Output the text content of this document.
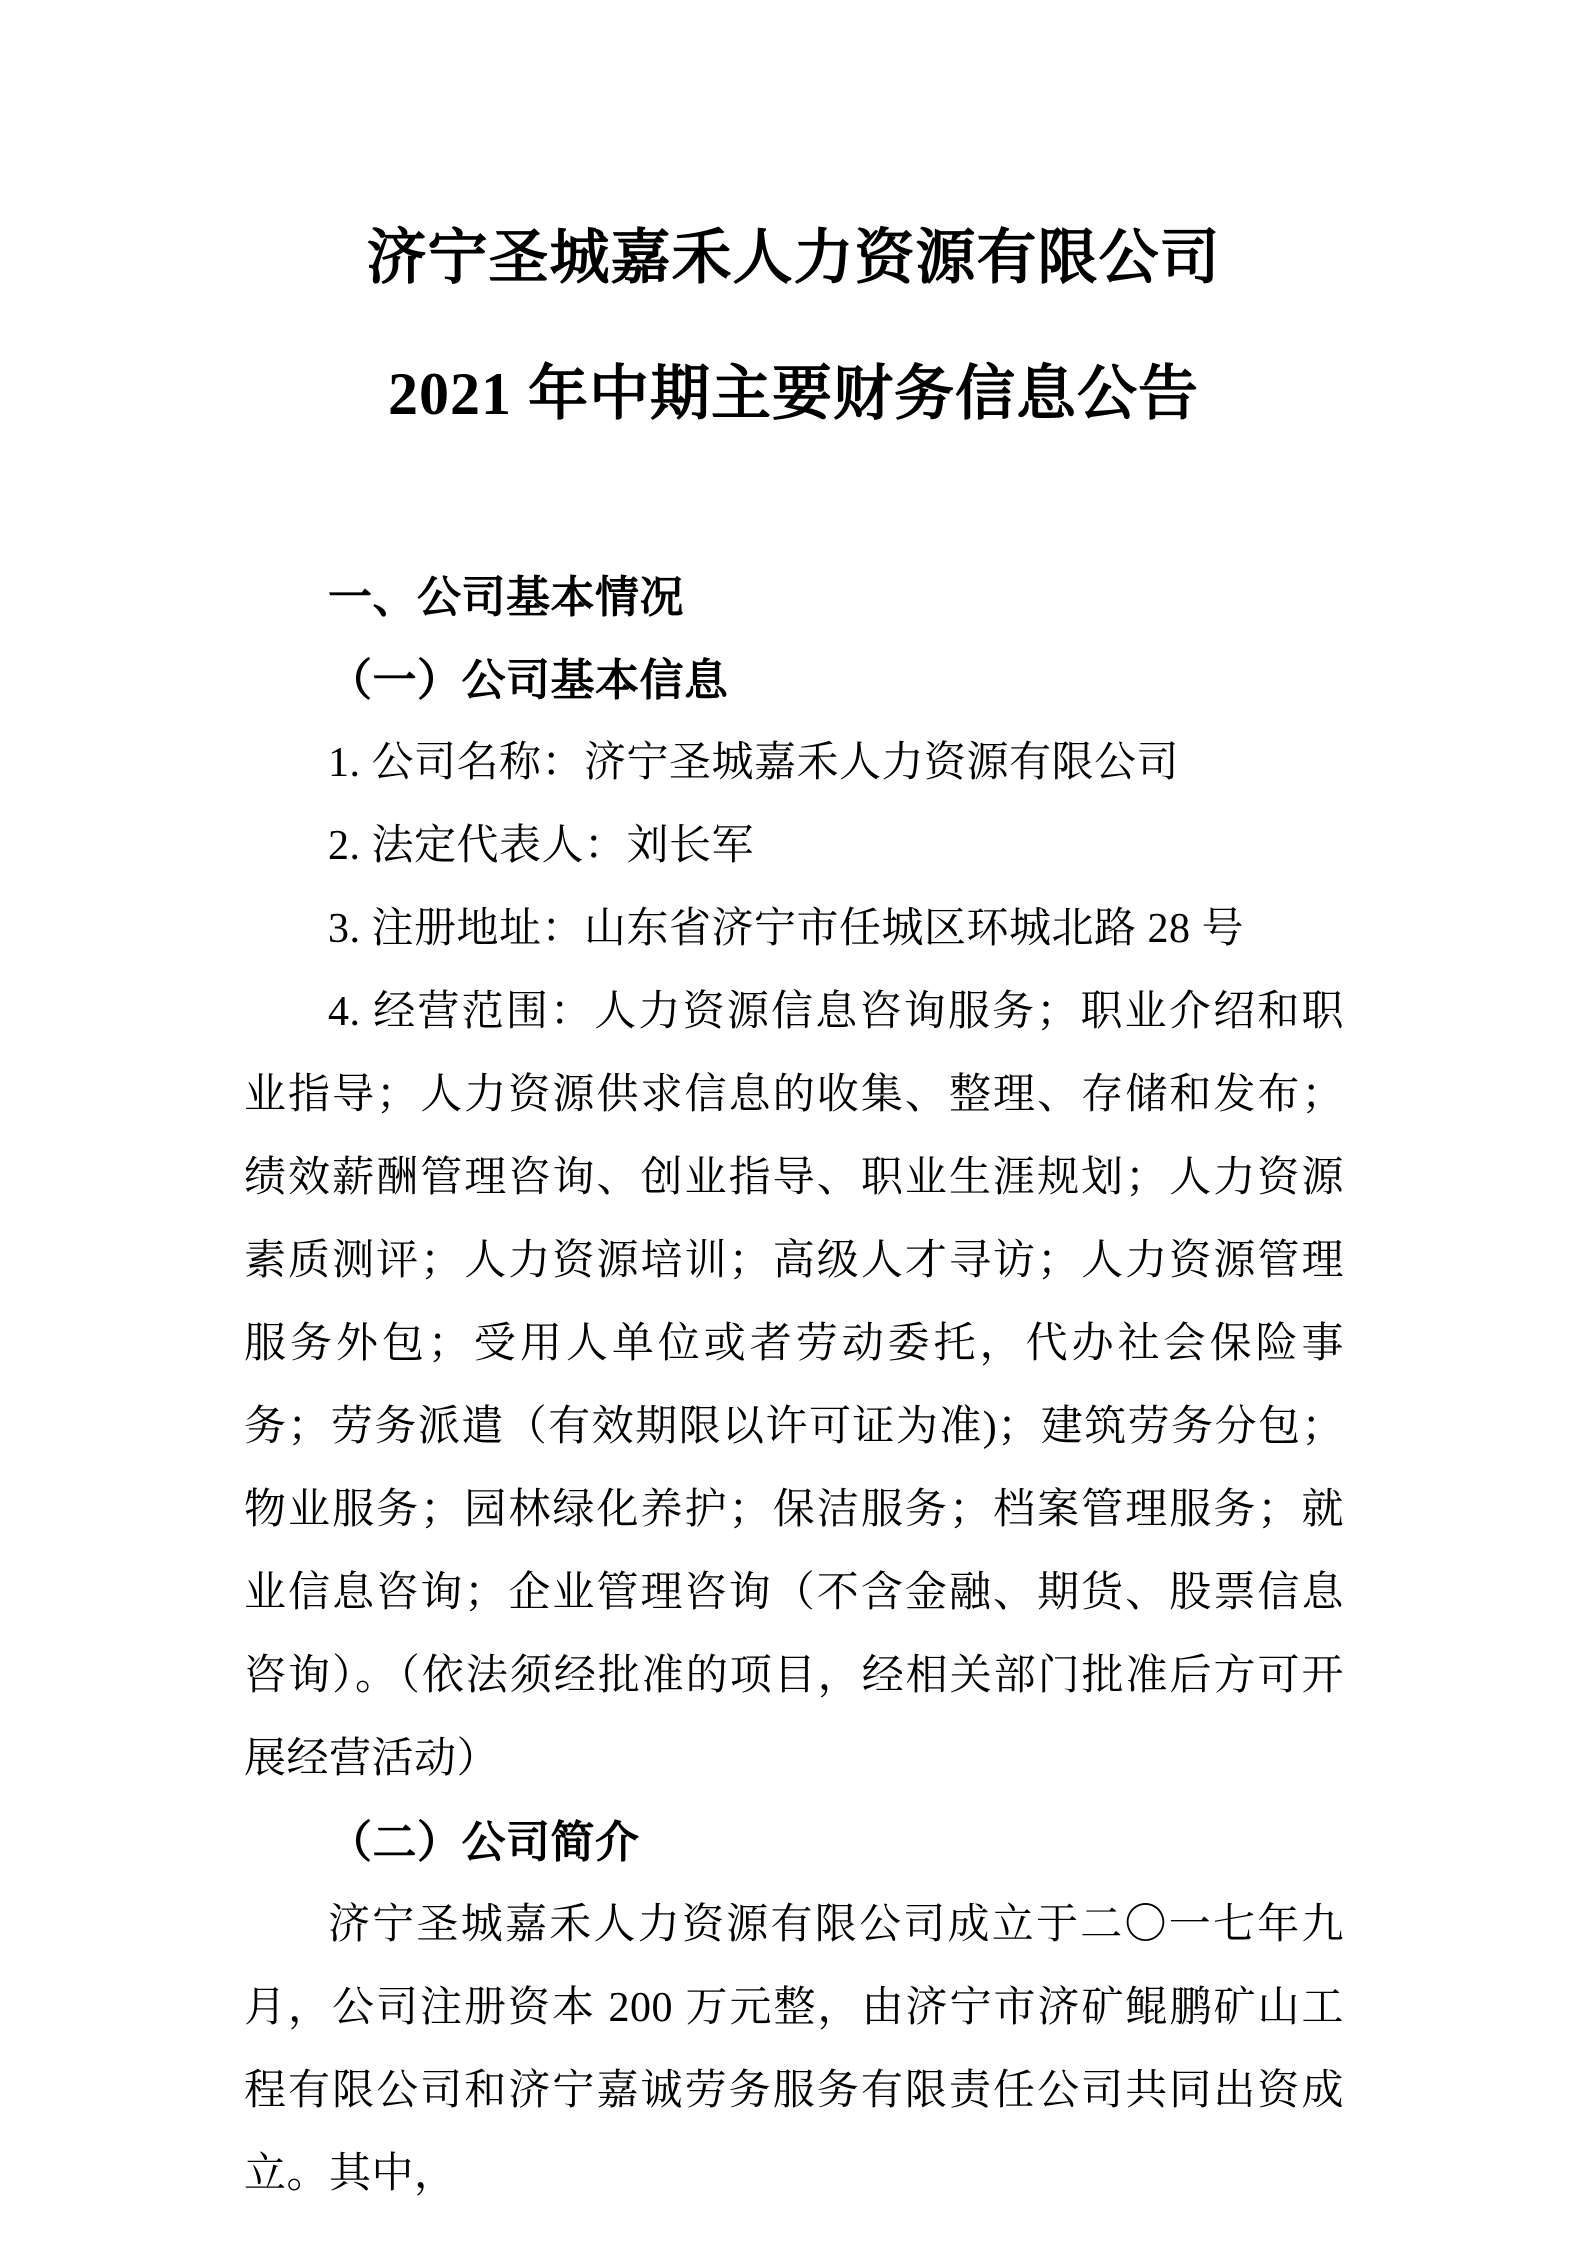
济宁圣城嘉禾人力资源有限公司
2021 年中期主要财务信息公告

一、公司基本情况

（一）公司基本信息

1. 公司名称：济宁圣城嘉禾人力资源有限公司

2. 法定代表人：刘长军

3. 注册地址：山东省济宁市任城区环城北路 28 号

4. 经营范围：人力资源信息咨询服务；职业介绍和职业指导；人力资源供求信息的收集、整理、存储和发布；绩效薪酬管理咨询、创业指导、职业生涯规划；人力资源素质测评；人力资源培训；高级人才寻访；人力资源管理服务外包；受用人单位或者劳动委托，代办社会保险事务；劳务派遣（有效期限以许可证为准)；建筑劳务分包；物业服务；园林绿化养护；保洁服务；档案管理服务；就业信息咨询；企业管理咨询（不含金融、期货、股票信息咨询）。（依法须经批准的项目，经相关部门批准后方可开展经营活动）

（二）公司简介

济宁圣城嘉禾人力资源有限公司成立于二〇一七年九月，公司注册资本 200 万元整，由济宁市济矿鲲鹏矿山工程有限公司和济宁嘉诚劳务服务有限责任公司共同出资成立。其中，
